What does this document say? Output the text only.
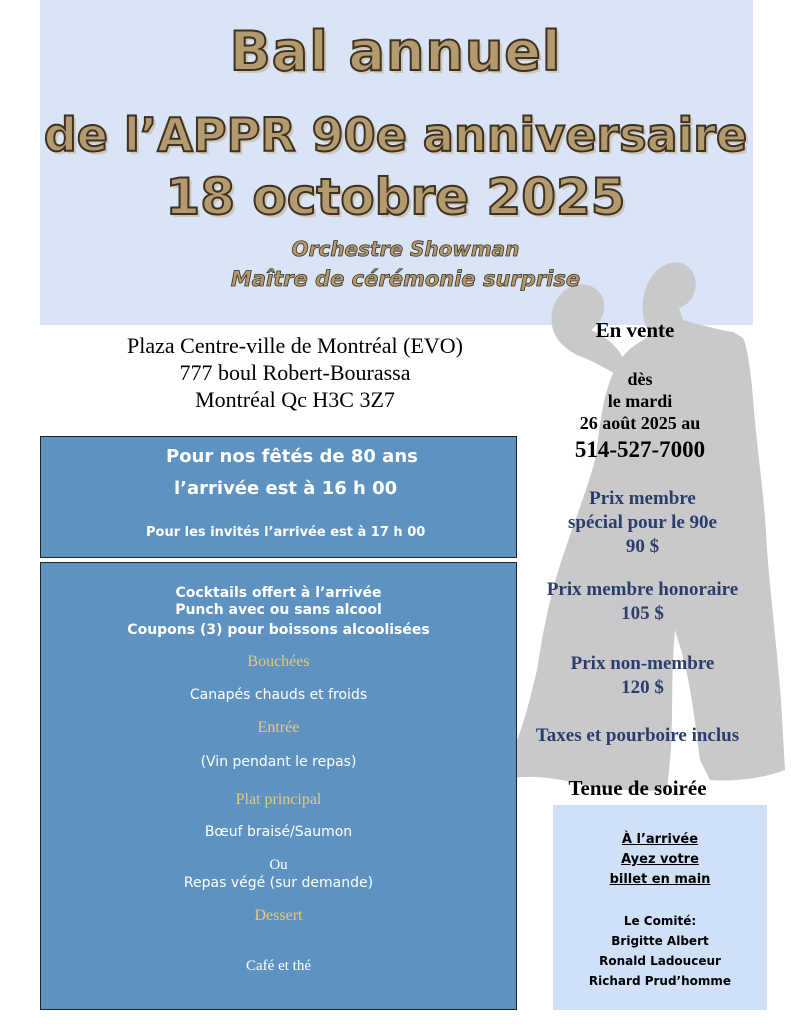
Bal annuel
de l’APPR 90e anniversaire
18 octobre 2025
Orchestre Showman
Maître de cérémonie surprise
Plaza Centre-ville de Montréal (EVO)
777 boul Robert-Bourassa
Montréal Qc H3C 3Z7
En vente
dès
le mardi
26 août 2025 au
514-527-7000
Prix membre
spécial pour le 90e
90 $
Prix membre honoraire
105 $
Prix non-membre
120 $
Taxes et pourboire inclus
Tenue de soirée
Pour nos fêtés de 80 ans
l’arrivée est à 16 h 00
Pour les invités l’arrivée est à 17 h 00
Cocktails offert à l’arrivée
Punch avec ou sans alcool
Coupons (3) pour boissons alcoolisées
Bouchées
Canapés chauds et froids
Entrée
(Vin pendant le repas)
Plat principal
Bœuf braisé/Saumon
Ou
Repas végé (sur demande)
Dessert
Café et thé
À l’arrivée
Ayez votre
billet en main
Le Comité:
Brigitte Albert
Ronald Ladouceur
Richard Prud’homme
